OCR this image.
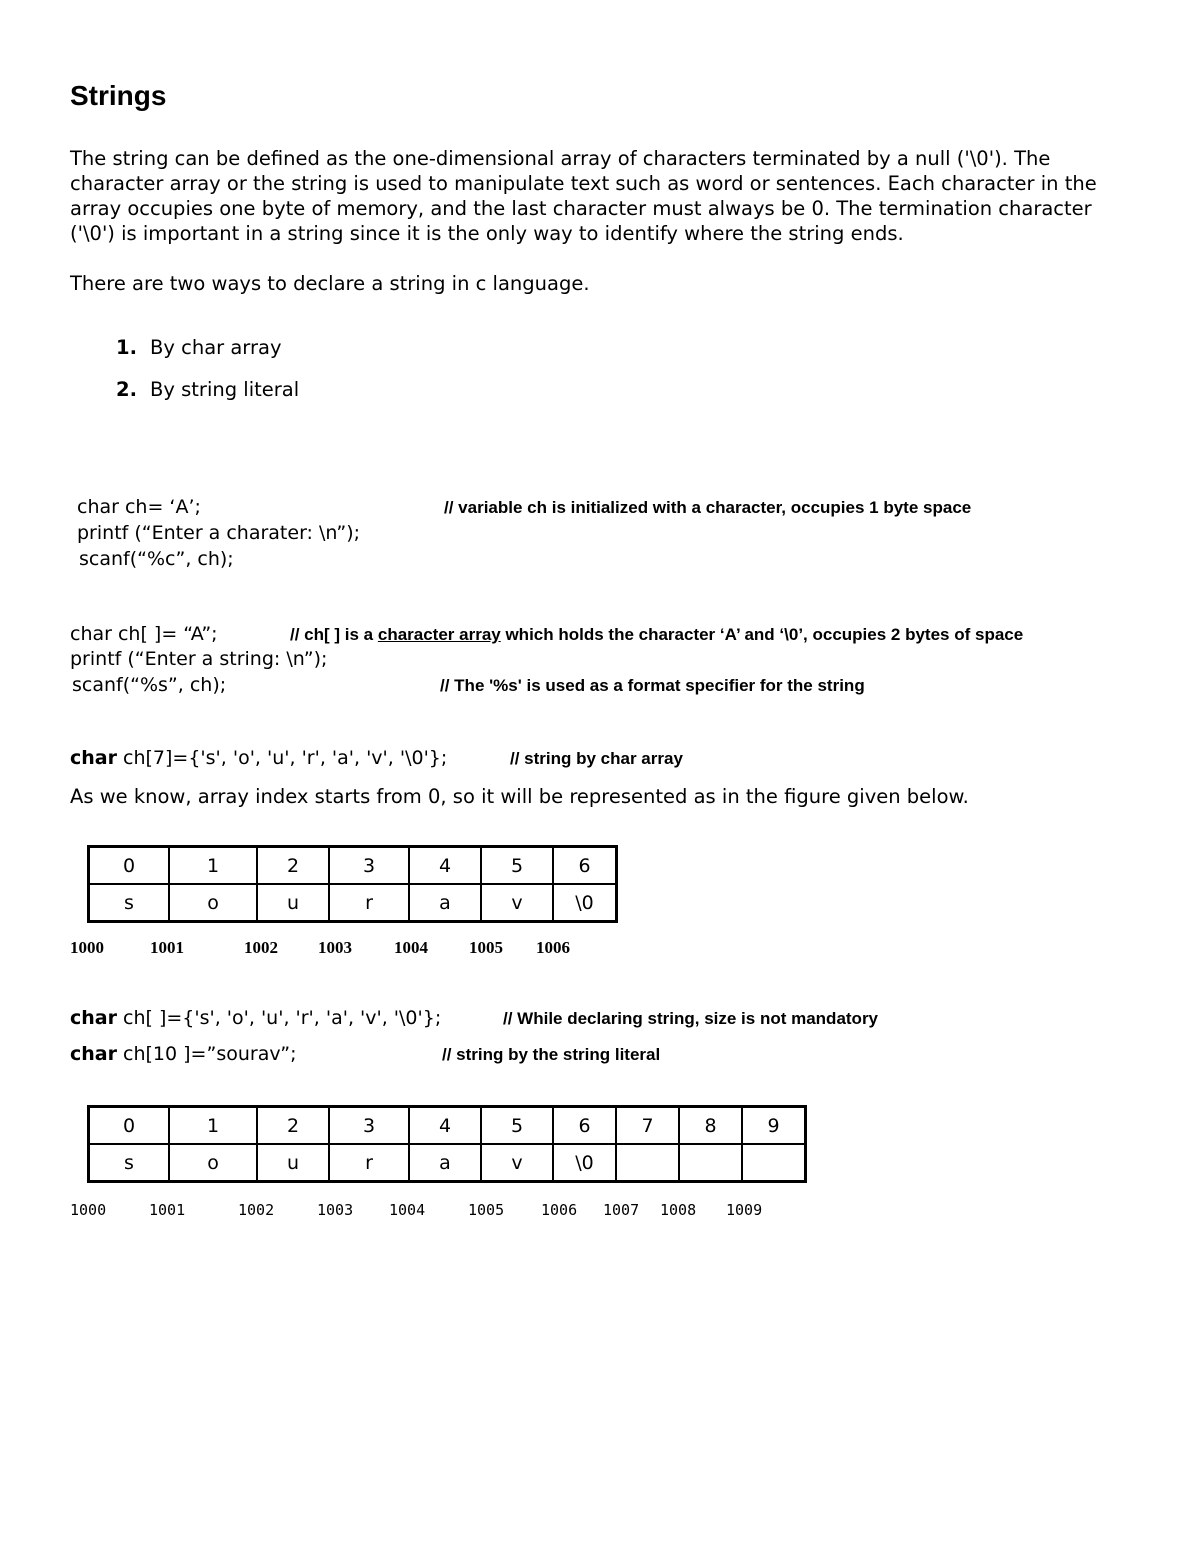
Strings
The string can be defined as the one-dimensional array of characters terminated by a null ('\0'). The character array or the string is used to manipulate text such as word or sentences. Each character in the array occupies one byte of memory, and the last character must always be 0. The termination character ('\0') is important in a string since it is the only way to identify where the string ends.
There are two ways to declare a string in c language.
1. By char array
2. By string literal
char ch= ‘A’;	// variable ch is initialized with a character, occupies 1 byte space
printf (“Enter a charater: \n”);
scanf(“%c”, ch);
char ch[ ]= “A”;	// ch[ ] is a character array which holds the character ‘A’ and ‘\0’, occupies 2 bytes of space
printf (“Enter a string: \n”);
scanf(“%s”, ch);	// The '%s' is used as a format specifier for the string
char ch[7]={'s', 'o', 'u', 'r', 'a', 'v', '\0'};	// string by char array
As we know, array index starts from 0, so it will be represented as in the figure given below.
0	1	2	3	4	5	6
s	o	u	r	a	v	\0
1000	1001	1002 1003 1004 1005 1006
char ch[ ]={'s', 'o', 'u', 'r', 'a', 'v', '\0'};	// While declaring string, size is not mandatory
char ch[10 ]=”sourav”;	// string by the string literal
0	1	2	3	4	5	6	7	8	9
s	o	u	r	a	v	\0			
1000	1001	1002	1003 1004	1005 1006 1007 1008 1009
